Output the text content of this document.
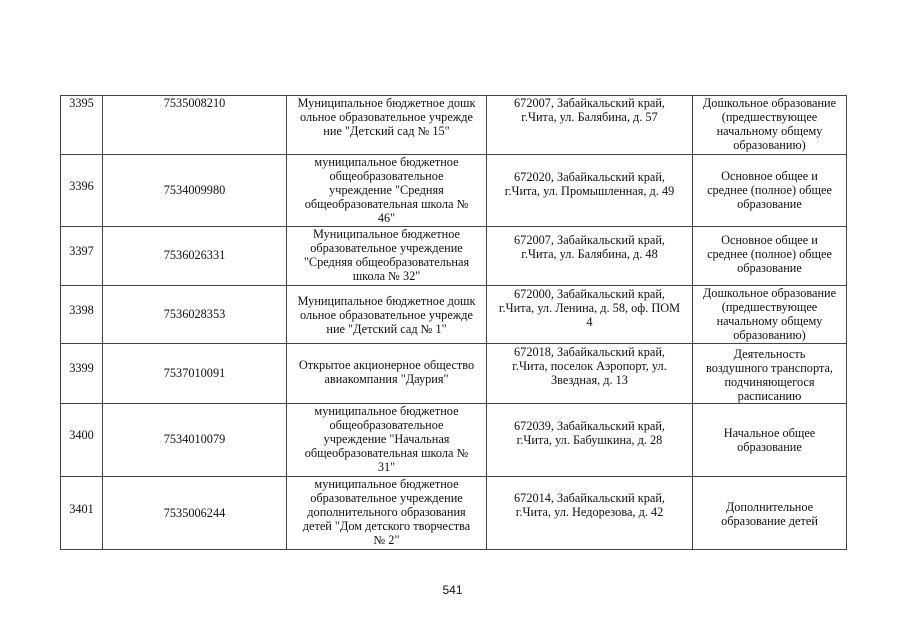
3395	7535008210	Муниципальное бюджетное дошк
ольное образовательное учрежде
ние "Детский сад № 15"	672007, Забайкальский край,
г.Чита, ул. Балябина, д. 57	Дошкольное образование
(предшествующее
начальному общему
образованию)
3396	7534009980	муниципальное бюджетное
общеобразовательное
учреждение "Средняя
общеобразовательная школа №
46"	672020, Забайкальский край,
г.Чита, ул. Промышленная, д. 49	Основное общее и
среднее (полное) общее
образование
3397	7536026331	Муниципальное бюджетное
образовательное учреждение
"Средняя общеобразовательная
школа № 32"	672007, Забайкальский край,
г.Чита, ул. Балябина, д. 48	Основное общее и
среднее (полное) общее
образование
3398	7536028353	Муниципальное бюджетное дошк
ольное образовательное учрежде
ние "Детский сад № 1"	672000, Забайкальский край,
г.Чита, ул. Ленина, д. 58, оф. ПОМ
4	Дошкольное образование
(предшествующее
начальному общему
образованию)
3399	7537010091	Открытое акционерное общество
авиакомпания "Даурия"	672018, Забайкальский край,
г.Чита, поселок Аэропорт, ул.
Звездная, д. 13	Деятельность
воздушного транспорта,
подчиняющегося
расписанию
3400	7534010079	муниципальное бюджетное
общеобразовательное
учреждение "Начальная
общеобразовательная школа №
31"	672039, Забайкальский край,
г.Чита, ул. Бабушкина, д. 28	Начальное общее
образование
3401	7535006244	муниципальное бюджетное
образовательное учреждение
дополнительного образования
детей "Дом детского творчества
№ 2"	672014, Забайкальский край,
г.Чита, ул. Недорезова, д. 42	Дополнительное
образование детей
541
